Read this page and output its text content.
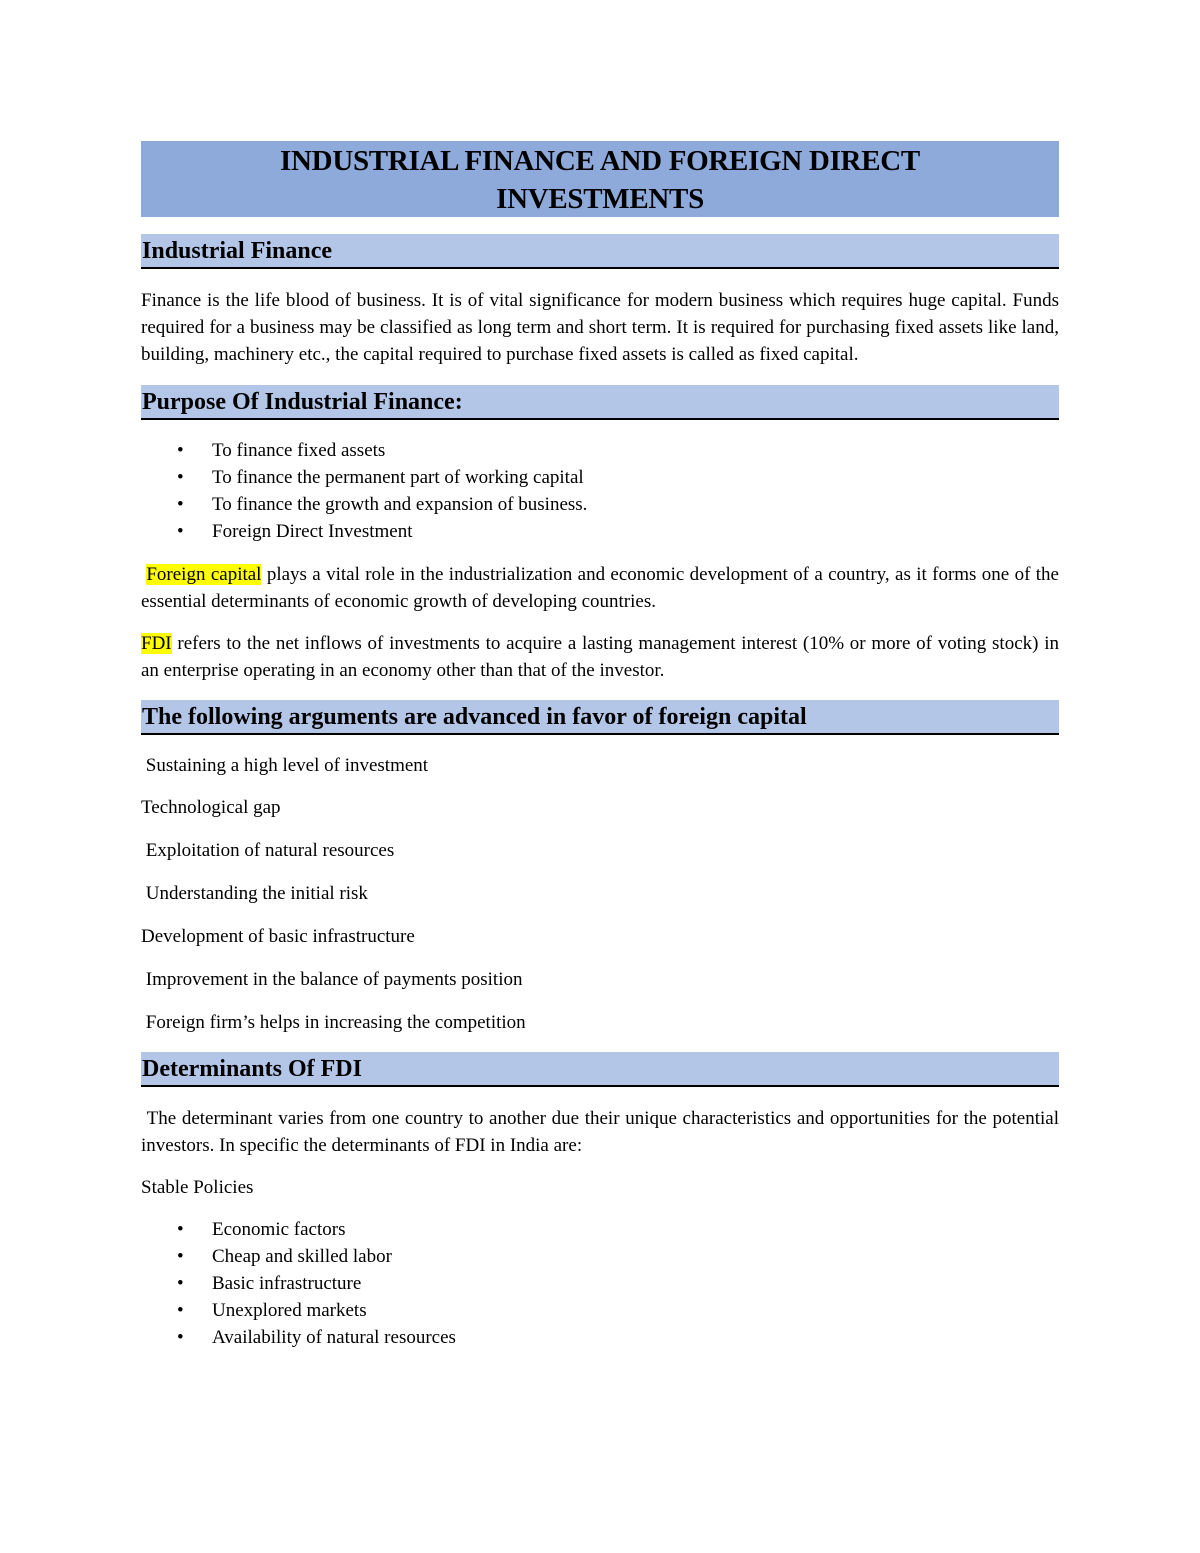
INDUSTRIAL FINANCE AND FOREIGN DIRECT
INVESTMENTS
Industrial Finance

Finance is the life blood of business. It is of vital significance for modern business which requires huge capital. Funds required for a business may be classified as long term and short term. It is required for purchasing fixed assets like land, building, machinery etc., the capital required to purchase fixed assets is called as fixed capital.

Purpose Of Industrial Finance:
• To finance fixed assets
• To finance the permanent part of working capital
• To finance the growth and expansion of business.
• Foreign Direct Investment

Foreign capital plays a vital role in the industrialization and economic development of a country, as it forms one of the essential determinants of economic growth of developing countries.

FDI refers to the net inflows of investments to acquire a lasting management interest (10% or more of voting stock) in an enterprise operating in an economy other than that of the investor.

The following arguments are advanced in favor of foreign capital

Sustaining a high level of investment

Technological gap

Exploitation of natural resources

Understanding the initial risk

Development of basic infrastructure

Improvement in the balance of payments position

Foreign firm’s helps in increasing the competition

Determinants Of FDI

The determinant varies from one country to another due their unique characteristics and opportunities for the potential investors. In specific the determinants of FDI in India are:

Stable Policies

• Economic factors
• Cheap and skilled labor
• Basic infrastructure
• Unexplored markets
• Availability of natural resources
